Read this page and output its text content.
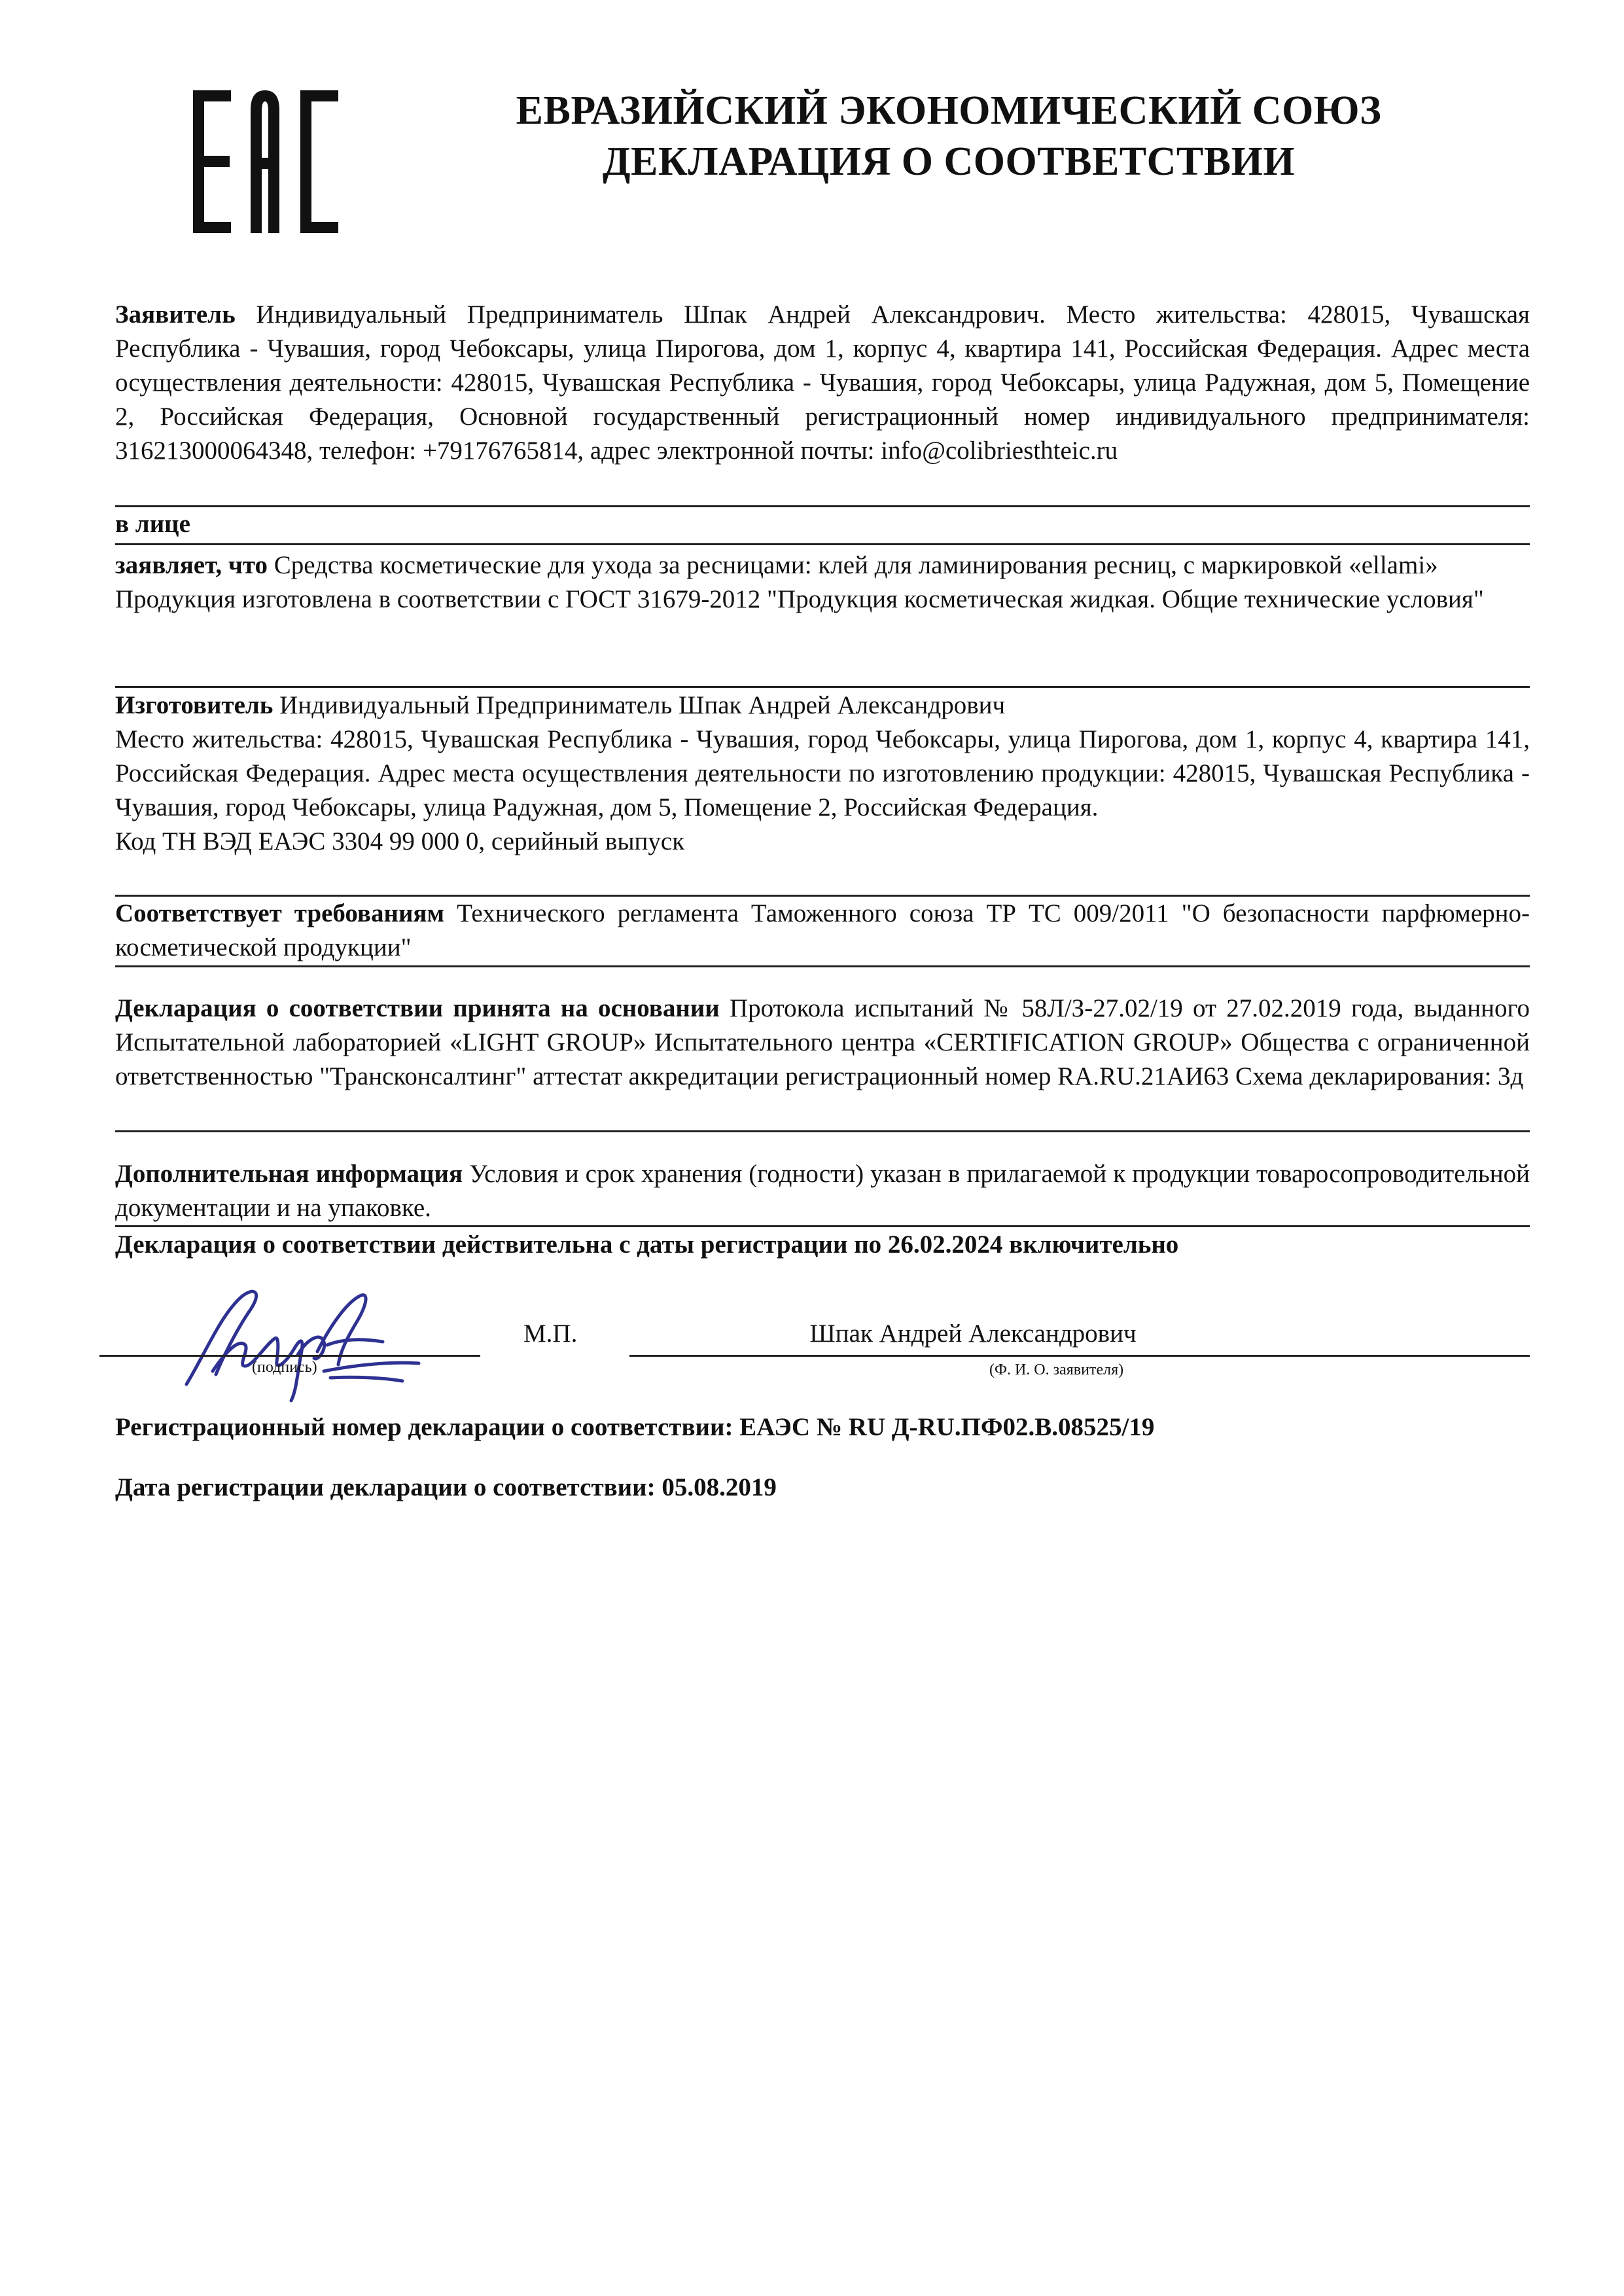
ЕВРАЗИЙСКИЙ ЭКОНОМИЧЕСКИЙ СОЮЗ
ДЕКЛАРАЦИЯ О СООТВЕТСТВИИ

Заявитель Индивидуальный Предприниматель Шпак Андрей Александрович. Место жительства: 428015, Чувашская Республика - Чувашия, город Чебоксары, улица Пирогова, дом 1, корпус 4, квартира 141, Российская Федерация. Адрес места осуществления деятельности: 428015, Чувашская Республика - Чувашия, город Чебоксары, улица Радужная, дом 5, Помещение 2, Российская Федерация, Основной государственный регистрационный номер индивидуального предпринимателя: 316213000064348, телефон: +79176765814, адрес электронной почты: info@colibriesthteic.ru

в лице

заявляет, что Средства косметические для ухода за ресницами: клей для ламинирования ресниц, с маркировкой «ellami»

Продукция изготовлена в соответствии с ГОСТ 31679-2012 "Продукция косметическая жидкая. Общие технические условия"

Изготовитель Индивидуальный Предприниматель Шпак Андрей Александрович

Место жительства: 428015, Чувашская Республика - Чувашия, город Чебоксары, улица Пирогова, дом 1, корпус 4, квартира 141, Российская Федерация. Адрес места осуществления деятельности по изготовлению продукции: 428015, Чувашская Республика - Чувашия, город Чебоксары, улица Радужная, дом 5, Помещение 2, Российская Федерация.

Код ТН ВЭД ЕАЭС 3304 99 000 0, серийный выпуск

Соответствует требованиям Технического регламента Таможенного союза ТР ТС 009/2011 "О безопасности парфюмерно-косметической продукции"

Декларация о соответствии принята на основании Протокола испытаний № 58Л/З-27.02/19 от 27.02.2019 года, выданного Испытательной лабораторией «LIGHT GROUP» Испытательного центра «CERTIFICATION GROUP» Общества с ограниченной ответственностью "Трансконсалтинг" аттестат аккредитации регистрационный номер RA.RU.21АИ63 Схема декларирования: 3д

Дополнительная информация Условия и срок хранения (годности) указан в прилагаемой к продукции товаросопроводительной документации и на упаковке.

Декларация о соответствии действительна с даты регистрации по 26.02.2024 включительно
(подпись)
М.П.	Шпак Андрей Александрович
(Ф. И. О. заявителя)
Регистрационный номер декларации о соответствии: ЕАЭС № RU Д-RU.ПФ02.В.08525/19
Дата регистрации декларации о соответствии: 05.08.2019
